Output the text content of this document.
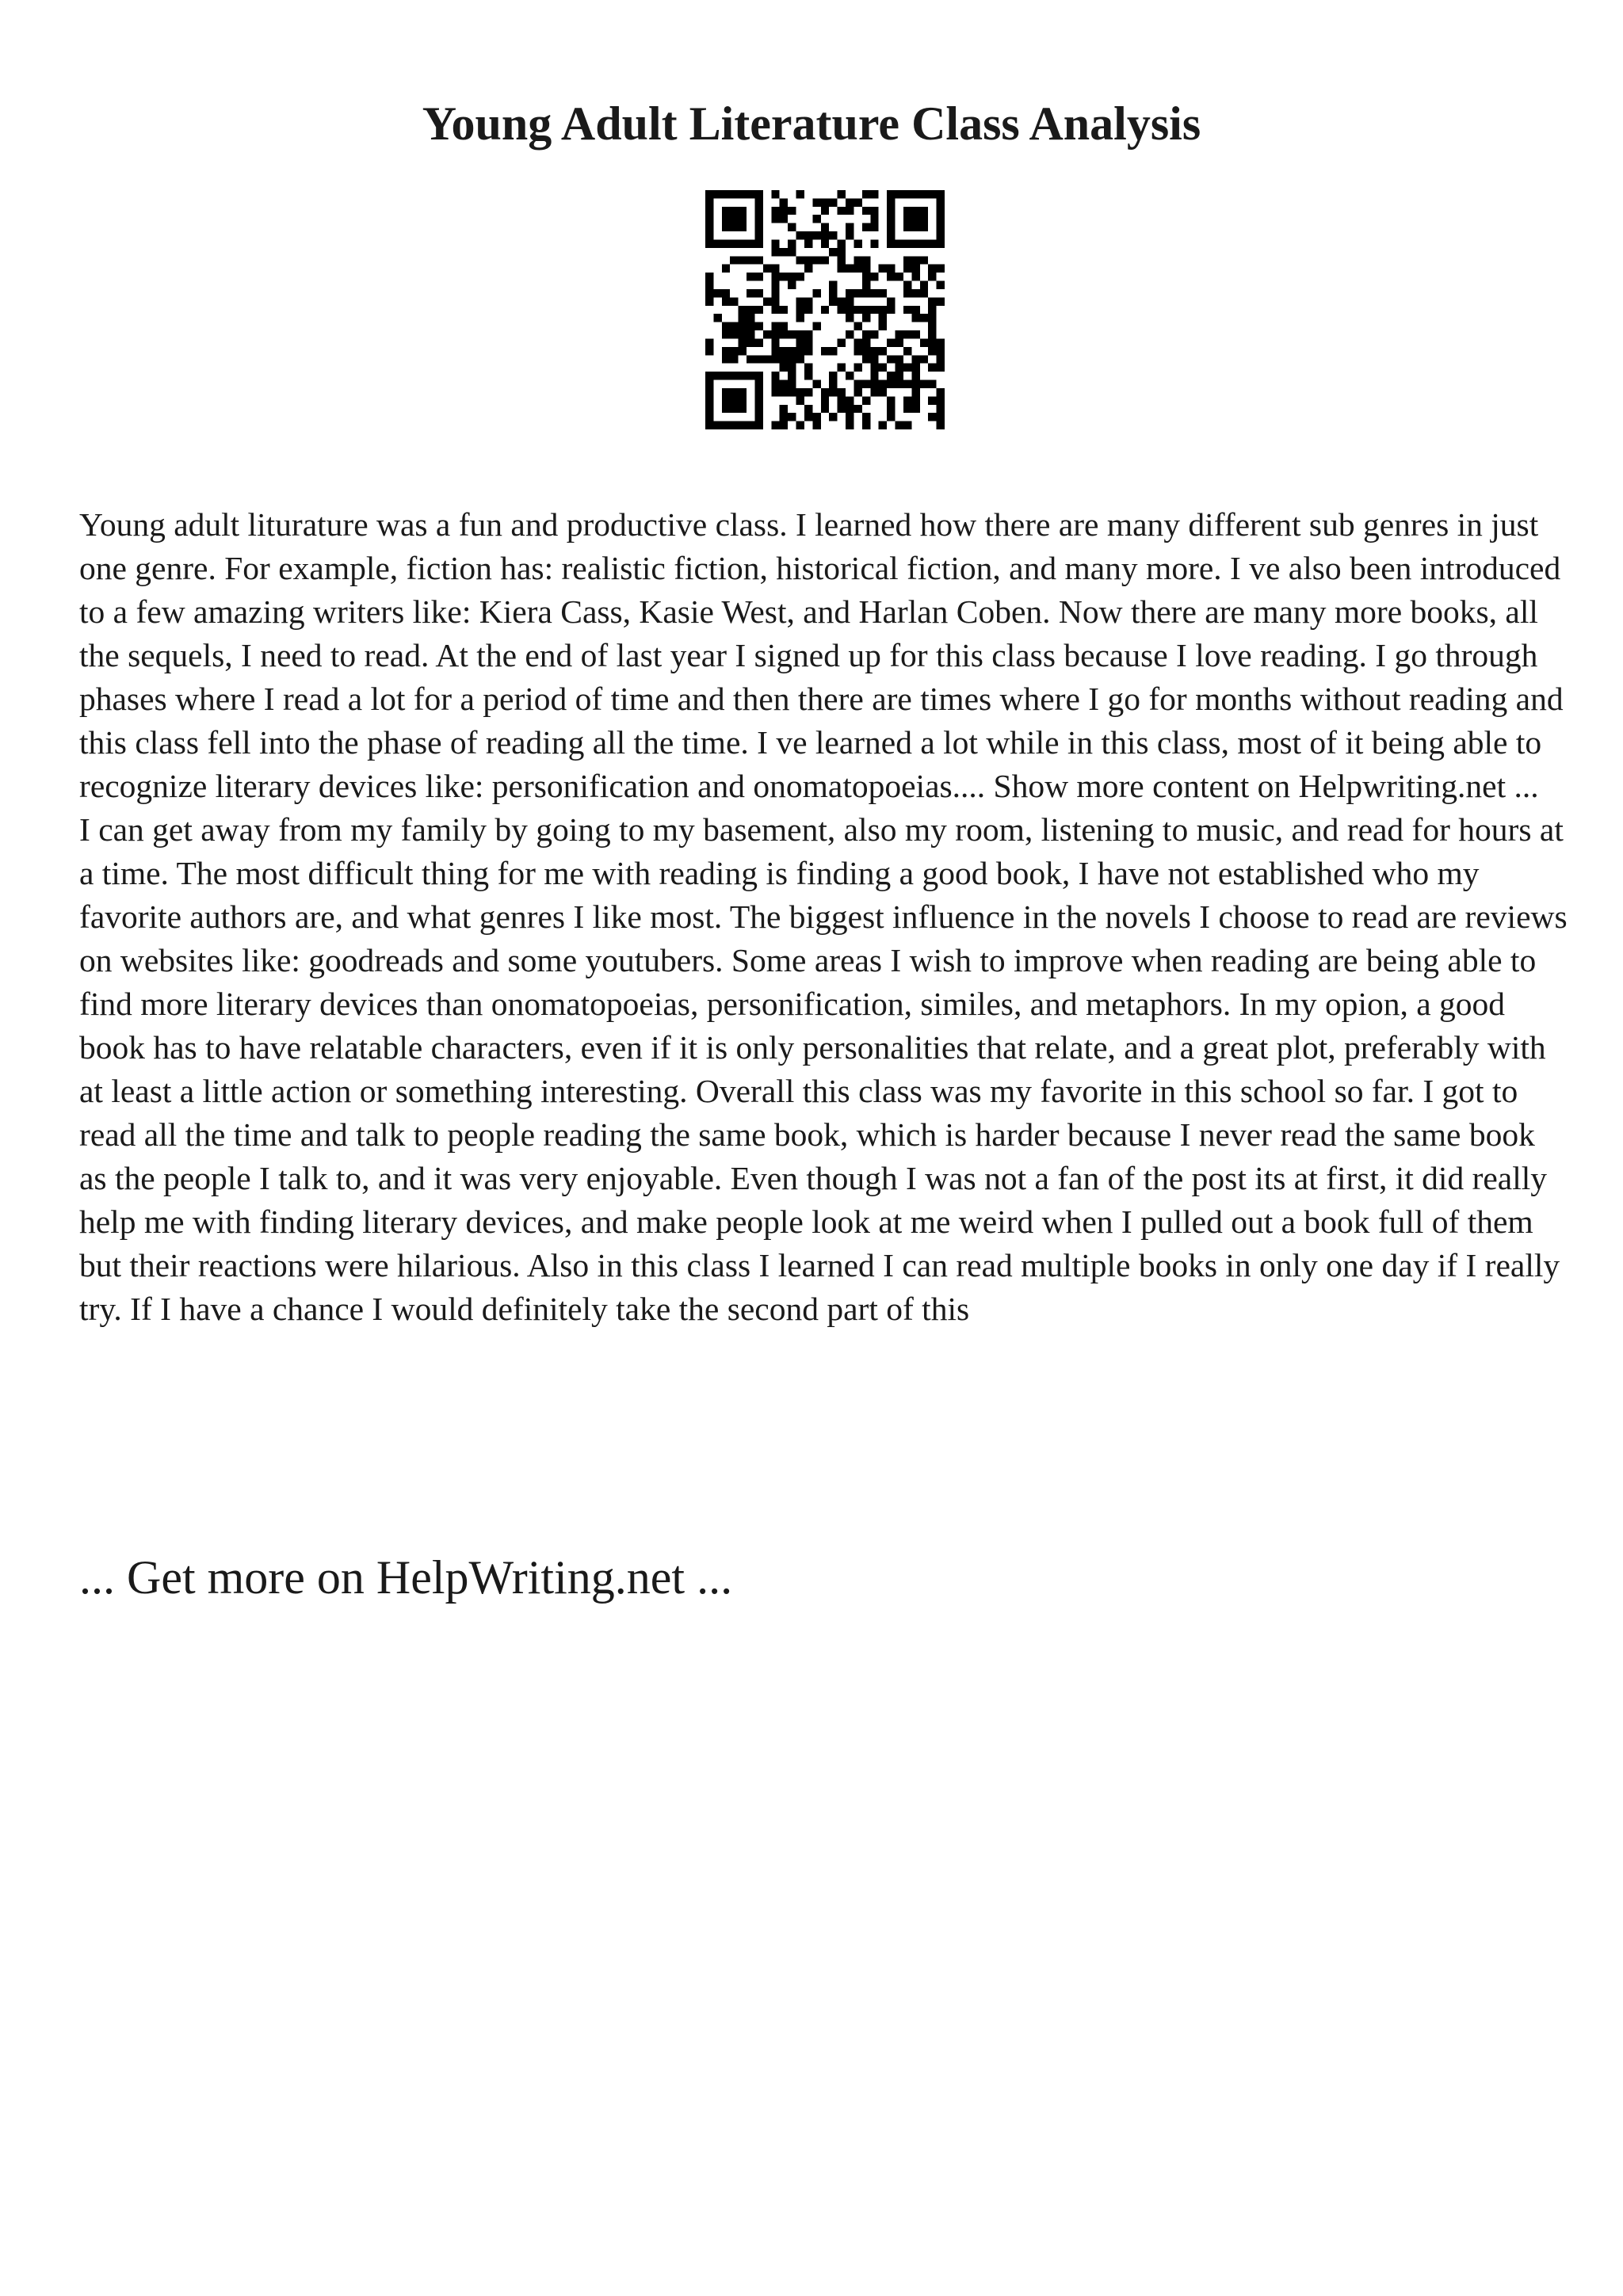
Young Adult Literature Class Analysis

Young adult liturature was a fun and productive class. I learned how there are many different sub genres in just one genre. For example, fiction has: realistic fiction, historical fiction, and many more. I ve also been introduced to a few amazing writers like: Kiera Cass, Kasie West, and Harlan Coben. Now there are many more books, all the sequels, I need to read. At the end of last year I signed up for this class because I love reading. I go through phases where I read a lot for a period of time and then there are times where I go for months without reading and this class fell into the phase of reading all the time. I ve learned a lot while in this class, most of it being able to recognize literary devices like: personification and onomatopoeias.... Show more content on Helpwriting.net ...

I can get away from my family by going to my basement, also my room, listening to music, and read for hours at a time. The most difficult thing for me with reading is finding a good book, I have not established who my favorite authors are, and what genres I like most. The biggest influence in the novels I choose to read are reviews on websites like: goodreads and some youtubers. Some areas I wish to improve when reading are being able to find more literary devices than onomatopoeias, personification, similes, and metaphors. In my opion, a good book has to have relatable characters, even if it is only personalities that relate, and a great plot, preferably with at least a little action or something interesting. Overall this class was my favorite in this school so far. I got to read all the time and talk to people reading the same book, which is harder because I never read the same book as the people I talk to, and it was very enjoyable. Even though I was not a fan of the post its at first, it did really help me with finding literary devices, and make people look at me weird when I pulled out a book full of them but their reactions were hilarious. Also in this class I learned I can read multiple books in only one day if I really try. If I have a chance I would definitely take the second part of this

... Get more on HelpWriting.net ...
